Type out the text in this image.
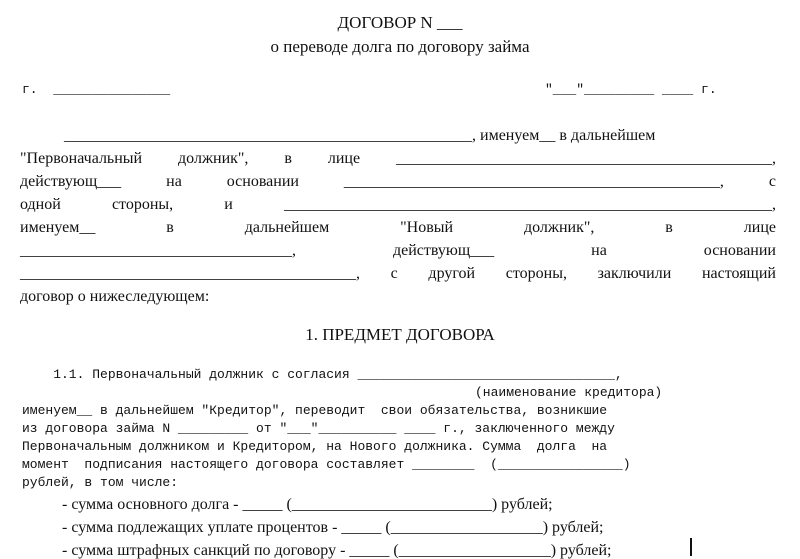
ДОГОВОР N ___
о переводе долга по договору займа
г.  _______________	"___"_________ ____ г.
___________________________________________________, именуем__ в дальнейшем
"Первоначальный должник", в лице _______________________________________________,
действующ___ на основании _______________________________________________, с
одной стороны, и _____________________________________________________________,
именуем__ в дальнейшем "Новый должник", в лице
__________________________________, действующ___ на основании
__________________________________________, с другой стороны, заключили настоящий
договор о нижеследующем:
1. ПРЕДМЕТ ДОГОВОРА
1.1. Первоначальный должник с согласия _________________________________,
(наименование кредитора)
именуем__ в дальнейшем "Кредитор", переводит  свои обязательства, возникшие
из договора займа N _________ от "___"__________ ____ г., заключенного между
Первоначальным должником и Кредитором, на Нового должника. Сумма  долга  на
момент  подписания настоящего договора составляет ________  (________________)
рублей, в том числе:
- сумма основного долга - _____ (_________________________) рублей;
- сумма подлежащих уплате процентов - _____ (___________________) рублей;
- сумма штрафных санкций по договору - _____ (___________________) рублей;
